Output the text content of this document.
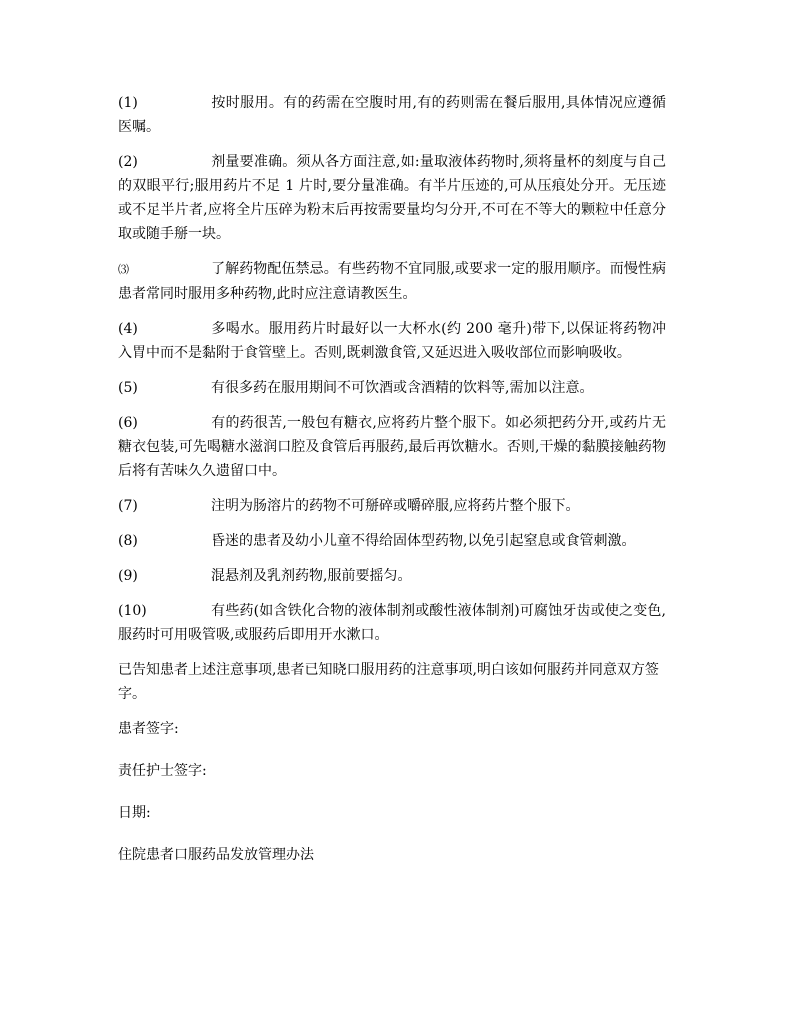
(1)	按时服用。有的药需在空腹时用,有的药则需在餐后服用,具体情况应遵循医嘱。

(2)	剂量要准确。须从各方面注意,如:量取液体药物时,须将量杯的刻度与自己的双眼平行;服用药片不足 1 片时,要分量准确。有半片压迹的,可从压痕处分开。无压迹或不足半片者,应将全片压碎为粉末后再按需要量均匀分开,不可在不等大的颗粒中任意分取或随手掰一块。

⑶	了解药物配伍禁忌。有些药物不宜同服,或要求一定的服用顺序。而慢性病患者常同时服用多种药物,此时应注意请教医生。

(4)	多喝水。服用药片时最好以一大杯水(约 200 毫升)带下,以保证将药物冲入胃中而不是黏附于食管壁上。否则,既刺激食管,又延迟进入吸收部位而影响吸收。

(5)	有很多药在服用期间不可饮酒或含酒精的饮料等,需加以注意。

(6)	有的药很苦,一般包有糖衣,应将药片整个服下。如必须把药分开,或药片无糖衣包装,可先喝糖水滋润口腔及食管后再服药,最后再饮糖水。否则,干燥的黏膜接触药物后将有苦味久久遗留口中。

(7)	注明为肠溶片的药物不可掰碎或嚼碎服,应将药片整个服下。

(8)	昏迷的患者及幼小儿童不得给固体型药物,以免引起窒息或食管刺激。

(9)	混悬剂及乳剂药物,服前要摇匀。

(10)	有些药(如含铁化合物的液体制剂或酸性液体制剂)可腐蚀牙齿或使之变色,服药时可用吸管吸,或服药后即用开水漱口。

已告知患者上述注意事项,患者已知晓口服用药的注意事项,明白该如何服药并同意双方签字。

患者签字:

责任护士签字:

日期:

住院患者口服药品发放管理办法
